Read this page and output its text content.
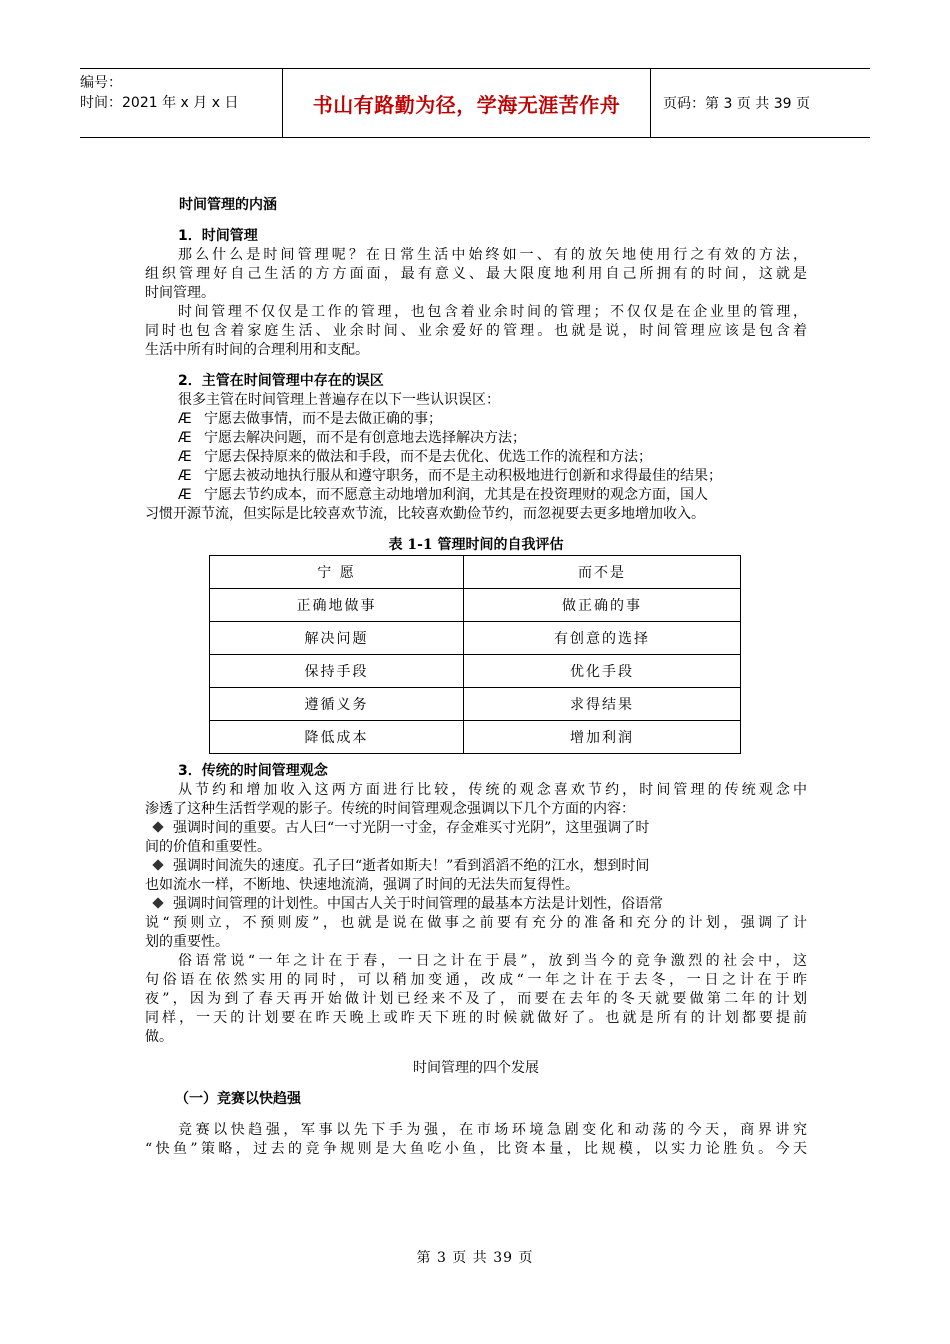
编号：
时间：2021 年 x 月 x 日	书山有路勤为径，学海无涯苦作舟	页码：第 3 页 共 39 页
时间管理的内涵
1．时间管理
那么什么是时间管理呢？在日常生活中始终如一、有的放矢地使用行之有效的方法，
组织管理好自己生活的方方面面，最有意义、最大限度地利用自己所拥有的时间，这就是
时间管理。
时间管理不仅仅是工作的管理，也包含着业余时间的管理；不仅仅是在企业里的管理，
同时也包含着家庭生活、业余时间、业余爱好的管理。也就是说，时间管理应该是包含着
生活中所有时间的合理利用和支配。
2．主管在时间管理中存在的误区
很多主管在时间管理上普遍存在以下一些认识误区：
Æ 宁愿去做事情，而不是去做正确的事；
Æ 宁愿去解决问题，而不是有创意地去选择解决方法；
Æ 宁愿去保持原来的做法和手段，而不是去优化、优选工作的流程和方法；
Æ 宁愿去被动地执行服从和遵守职务，而不是主动积极地进行创新和求得最佳的结果；
Æ 宁愿去节约成本，而不愿意主动地增加利润，尤其是在投资理财的观念方面，国人
习惯开源节流，但实际是比较喜欢节流，比较喜欢勤俭节约，而忽视要去更多地增加收入。
表 1-1 管理时间的自我评估
宁 愿	而不是
正确地做事	做正确的事
解决问题	有创意的选择
保持手段	优化手段
遵循义务	求得结果
降低成本	增加利润
3．传统的时间管理观念
从节约和增加收入这两方面进行比较，传统的观念喜欢节约，时间管理的传统观念中
渗透了这种生活哲学观的影子。传统的时间管理观念强调以下几个方面的内容：
强调时间的重要。古人曰“一寸光阴一寸金，存金难买寸光阴”，这里强调了时
间的价值和重要性。
强调时间流失的速度。孔子曰“逝者如斯夫！”看到滔滔不绝的江水，想到时间
也如流水一样，不断地、快速地流淌，强调了时间的无法失而复得性。
强调时间管理的计划性。中国古人关于时间管理的最基本方法是计划性，俗语常
说“预则立，不预则废”，也就是说在做事之前要有充分的准备和充分的计划，强调了计
划的重要性。
俗语常说“一年之计在于春，一日之计在于晨”，放到当今的竞争激烈的社会中，这
句俗语在依然实用的同时，可以稍加变通，改成“一年之计在于去冬，一日之计在于昨
夜”，因为到了春天再开始做计划已经来不及了，而要在去年的冬天就要做第二年的计划
同样，一天的计划要在昨天晚上或昨天下班的时候就做好了。也就是所有的计划都要提前
做。
时间管理的四个发展
（一）竞赛以快趋强
竞赛以快趋强，军事以先下手为强，在市场环境急剧变化和动荡的今天，商界讲究
“快鱼”策略，过去的竞争规则是大鱼吃小鱼，比资本量，比规模，以实力论胜负。今天
第 3 页 共 39 页
